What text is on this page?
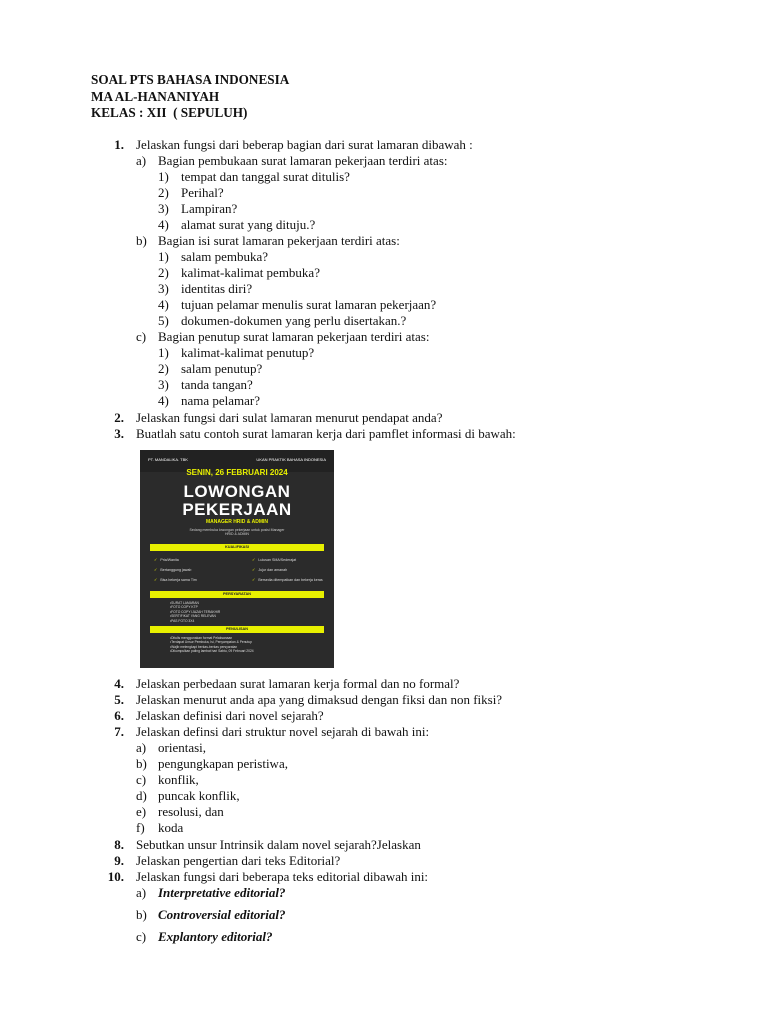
SOAL PTS BAHASA INDONESIA
MA AL-HANANIYAH
KELAS : XII  ( SEPULUH)
1. Jelaskan fungsi dari beberap bagian dari surat lamaran dibawah :
a) Bagian pembukaan surat lamaran pekerjaan terdiri atas:
1) tempat dan tanggal surat ditulis?
2) Perihal?
3) Lampiran?
4) alamat surat yang dituju.?
b) Bagian isi surat lamaran pekerjaan terdiri atas:
1) salam pembuka?
2) kalimat-kalimat pembuka?
3) identitas diri?
4) tujuan pelamar menulis surat lamaran pekerjaan?
5) dokumen-dokumen yang perlu disertakan.?
c) Bagian penutup surat lamaran pekerjaan terdiri atas:
1) kalimat-kalimat penutup?
2) salam penutup?
3) tanda tangan?
4) nama pelamar?
2. Jelaskan fungsi dari sulat lamaran menurut pendapat anda?
3. Buatlah satu contoh surat lamaran kerja dari pamflet informasi di bawah:
PT. MANDALIKA. TBK	UKAN PRAKTIK BAHASA INDONESIA
SENIN, 26 FEBRUARI 2024
LOWONGAN
PEKERJAAN
MANAGER HRID & ADMIN
Sedang membuka lowongan pekerjaan untuk posisi Manager HRID & ADMIN
KUALIFIKASI
✓ Pria/Wanita	✓ Lulusan SMA/Sederajat
✓ Bertanggung jawab	✓ Jujur dan amanah
✓ Bisa bekerja sama Tim	✓ Bersedia ditempatkan dan bekerja keras
PERSYARATAN
• SURAT LAMARAN
• FOTO COPY KTP
• FOTO COPY IJAZAH TERAKHIR
• SERTIFIKAT YANG RELEVAN
• PAS FOTO 3X4
PENULISAN
• Ditulis menggunakan format Pelaksanaan
• Terdapat Unsur Pembuka, Isi, Penyampaian & Penutup
• Wajib melengkapi berkas-berkas persyaratan
• Dikumpulkan paling lambat hari Sabtu, 09 Februari 2024
4. Jelaskan perbedaan surat lamaran kerja formal dan no formal?
5. Jelaskan menurut anda apa yang dimaksud dengan fiksi dan non fiksi?
6. Jelaskan definisi dari novel sejarah?
7. Jelaskan definsi dari struktur novel sejarah di bawah ini:
a) orientasi,
b) pengungkapan peristiwa,
c) konflik,
d) puncak konflik,
e) resolusi, dan
f) koda
8. Sebutkan unsur Intrinsik dalam novel sejarah?Jelaskan
9. Jelaskan pengertian dari teks Editorial?
10. Jelaskan fungsi dari beberapa teks editorial dibawah ini:
a) Interpretative editorial?
b) Controversial editorial?
c) Explantory editorial?
